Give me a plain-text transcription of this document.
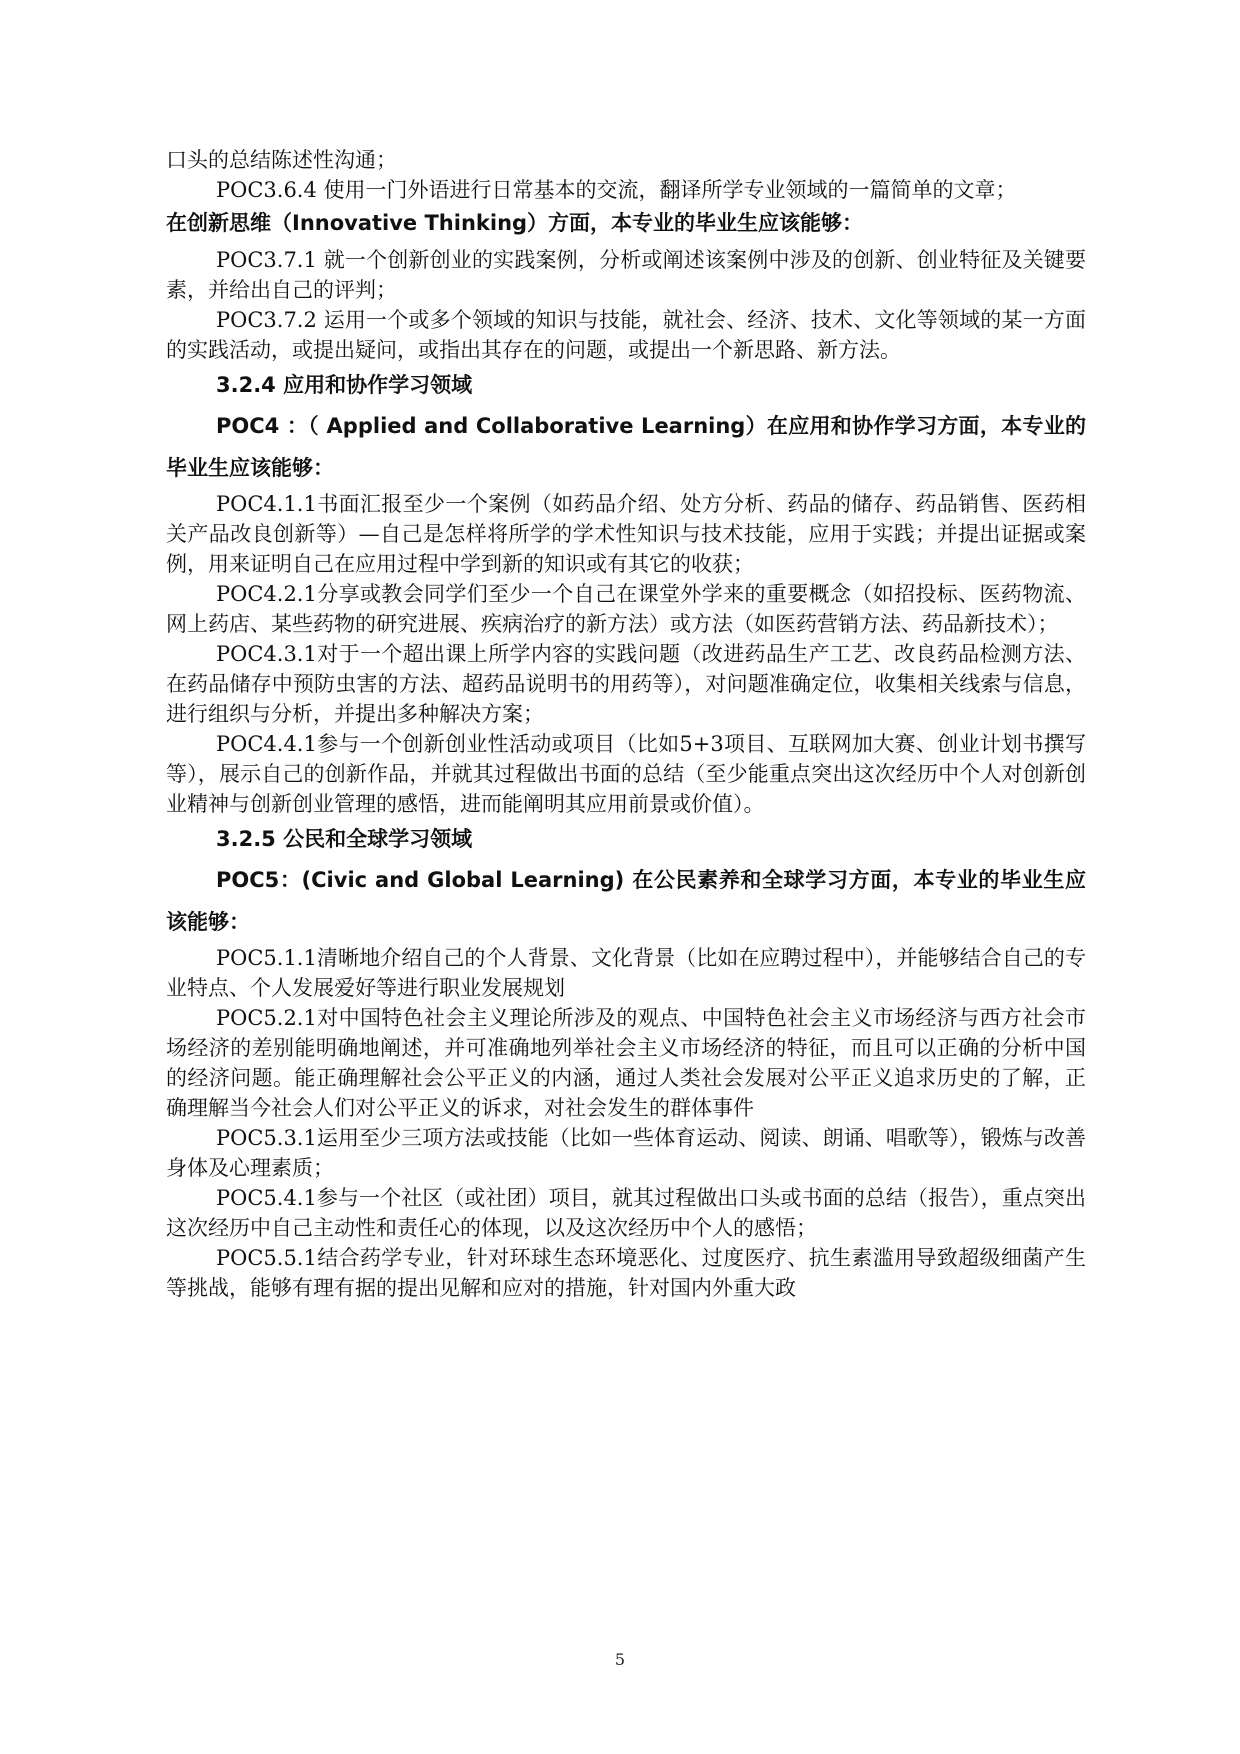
口头的总结陈述性沟通；

POC3.6.4 使用一门外语进行日常基本的交流，翻译所学专业领域的一篇简单的文章；

在创新思维（Innovative Thinking）方面，本专业的毕业生应该能够：

POC3.7.1 就一个创新创业的实践案例，分析或阐述该案例中涉及的创新、创业特征及关键要素，并给出自己的评判；

POC3.7.2 运用一个或多个领域的知识与技能，就社会、经济、技术、文化等领域的某一方面的实践活动，或提出疑问，或指出其存在的问题，或提出一个新思路、新方法。

3.2.4 应用和协作学习领域

POC4 ：（ Applied and Collaborative Learning）在应用和协作学习方面，本专业的毕业生应该能够：

POC4.1.1书面汇报至少一个案例（如药品介绍、处方分析、药品的储存、药品销售、医药相关产品改良创新等）—自己是怎样将所学的学术性知识与技术技能，应用于实践；并提出证据或案例，用来证明自己在应用过程中学到新的知识或有其它的收获；

POC4.2.1分享或教会同学们至少一个自己在课堂外学来的重要概念（如招投标、医药物流、网上药店、某些药物的研究进展、疾病治疗的新方法）或方法（如医药营销方法、药品新技术）；

POC4.3.1对于一个超出课上所学内容的实践问题（改进药品生产工艺、改良药品检测方法、在药品储存中预防虫害的方法、超药品说明书的用药等），对问题准确定位，收集相关线索与信息，进行组织与分析，并提出多种解决方案；

POC4.4.1参与一个创新创业性活动或项目（比如5+3项目、互联网加大赛、创业计划书撰写等），展示自己的创新作品，并就其过程做出书面的总结（至少能重点突出这次经历中个人对创新创业精神与创新创业管理的感悟，进而能阐明其应用前景或价值）。

3.2.5 公民和全球学习领域

POC5：(Civic and Global Learning) 在公民素养和全球学习方面，本专业的毕业生应该能够：

POC5.1.1清晰地介绍自己的个人背景、文化背景（比如在应聘过程中），并能够结合自己的专业特点、个人发展爱好等进行职业发展规划

POC5.2.1对中国特色社会主义理论所涉及的观点、中国特色社会主义市场经济与西方社会市场经济的差别能明确地阐述，并可准确地列举社会主义市场经济的特征，而且可以正确的分析中国的经济问题。能正确理解社会公平正义的内涵，通过人类社会发展对公平正义追求历史的了解，正确理解当今社会人们对公平正义的诉求，对社会发生的群体事件

POC5.3.1运用至少三项方法或技能（比如一些体育运动、阅读、朗诵、唱歌等），锻炼与改善身体及心理素质；

POC5.4.1参与一个社区（或社团）项目，就其过程做出口头或书面的总结（报告），重点突出这次经历中自己主动性和责任心的体现，以及这次经历中个人的感悟；

POC5.5.1结合药学专业，针对环球生态环境恶化、过度医疗、抗生素滥用导致超级细菌产生等挑战，能够有理有据的提出见解和应对的措施，针对国内外重大政

5
